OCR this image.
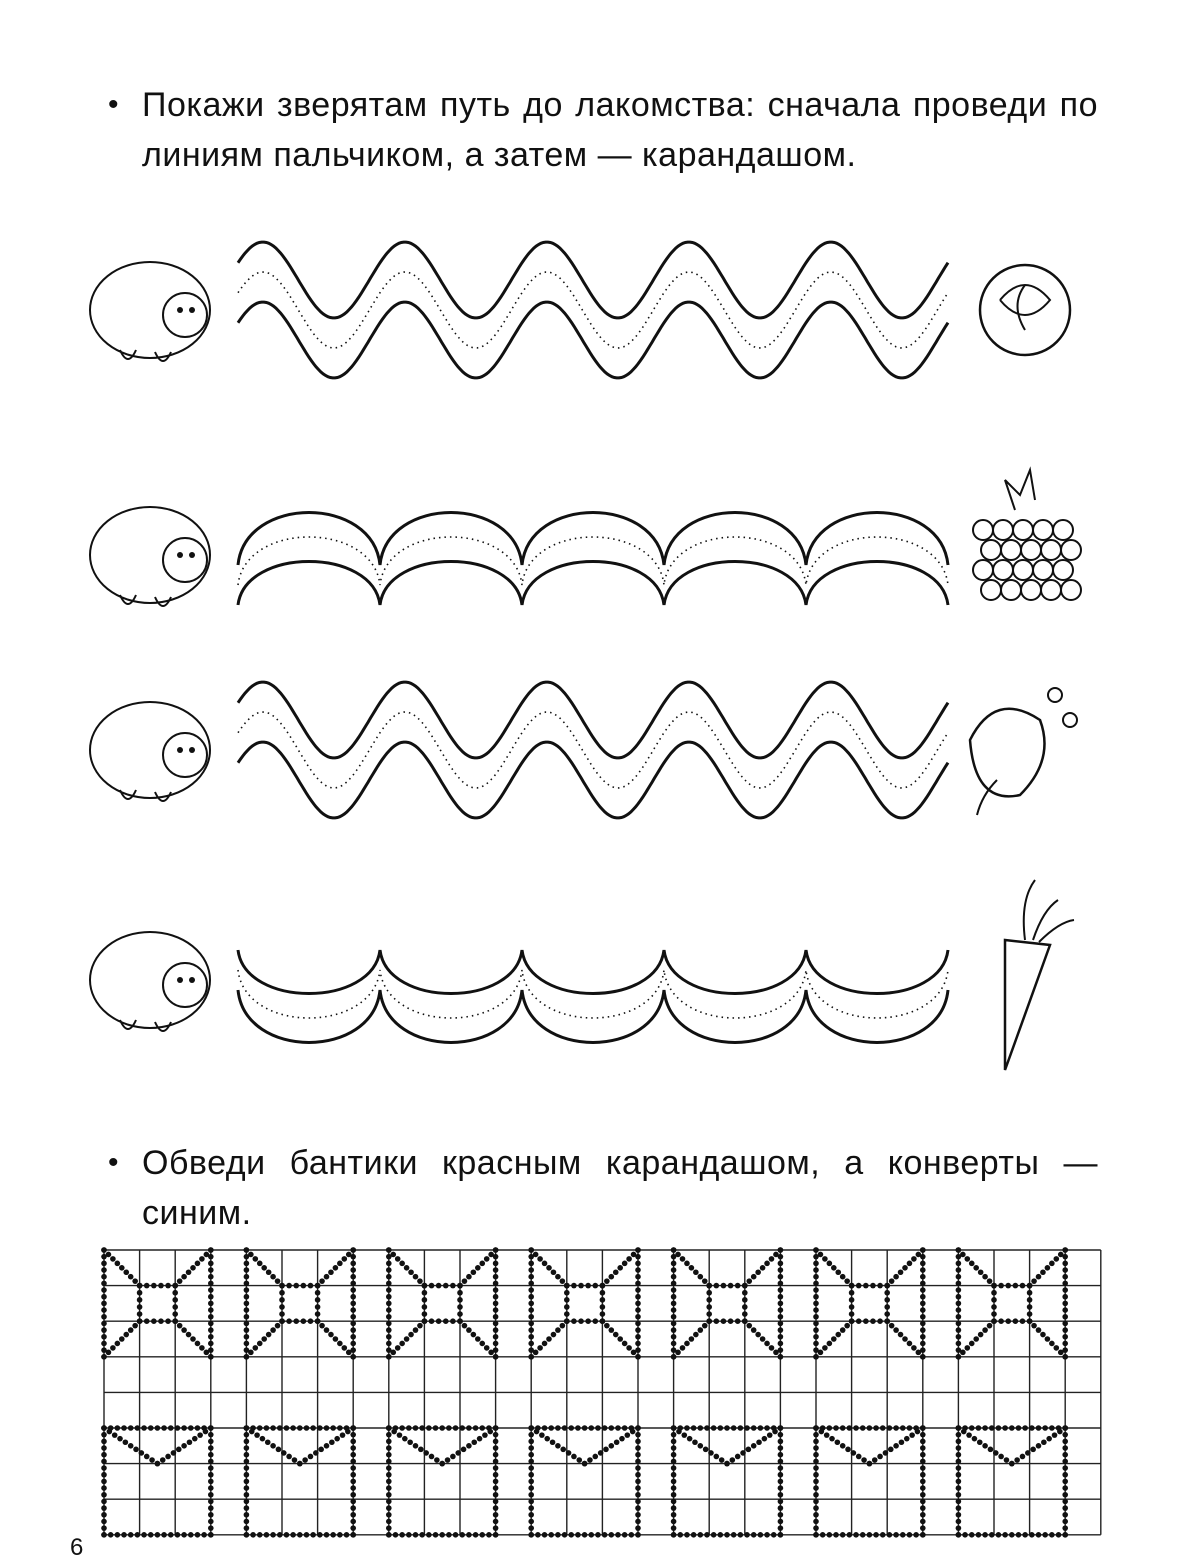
• Покажи зверятам путь до лакомства: сначала проведи по линиям пальчиком, а затем — карандашом.
• Обведи бантики красным карандашом, а конверты — синим.
6
